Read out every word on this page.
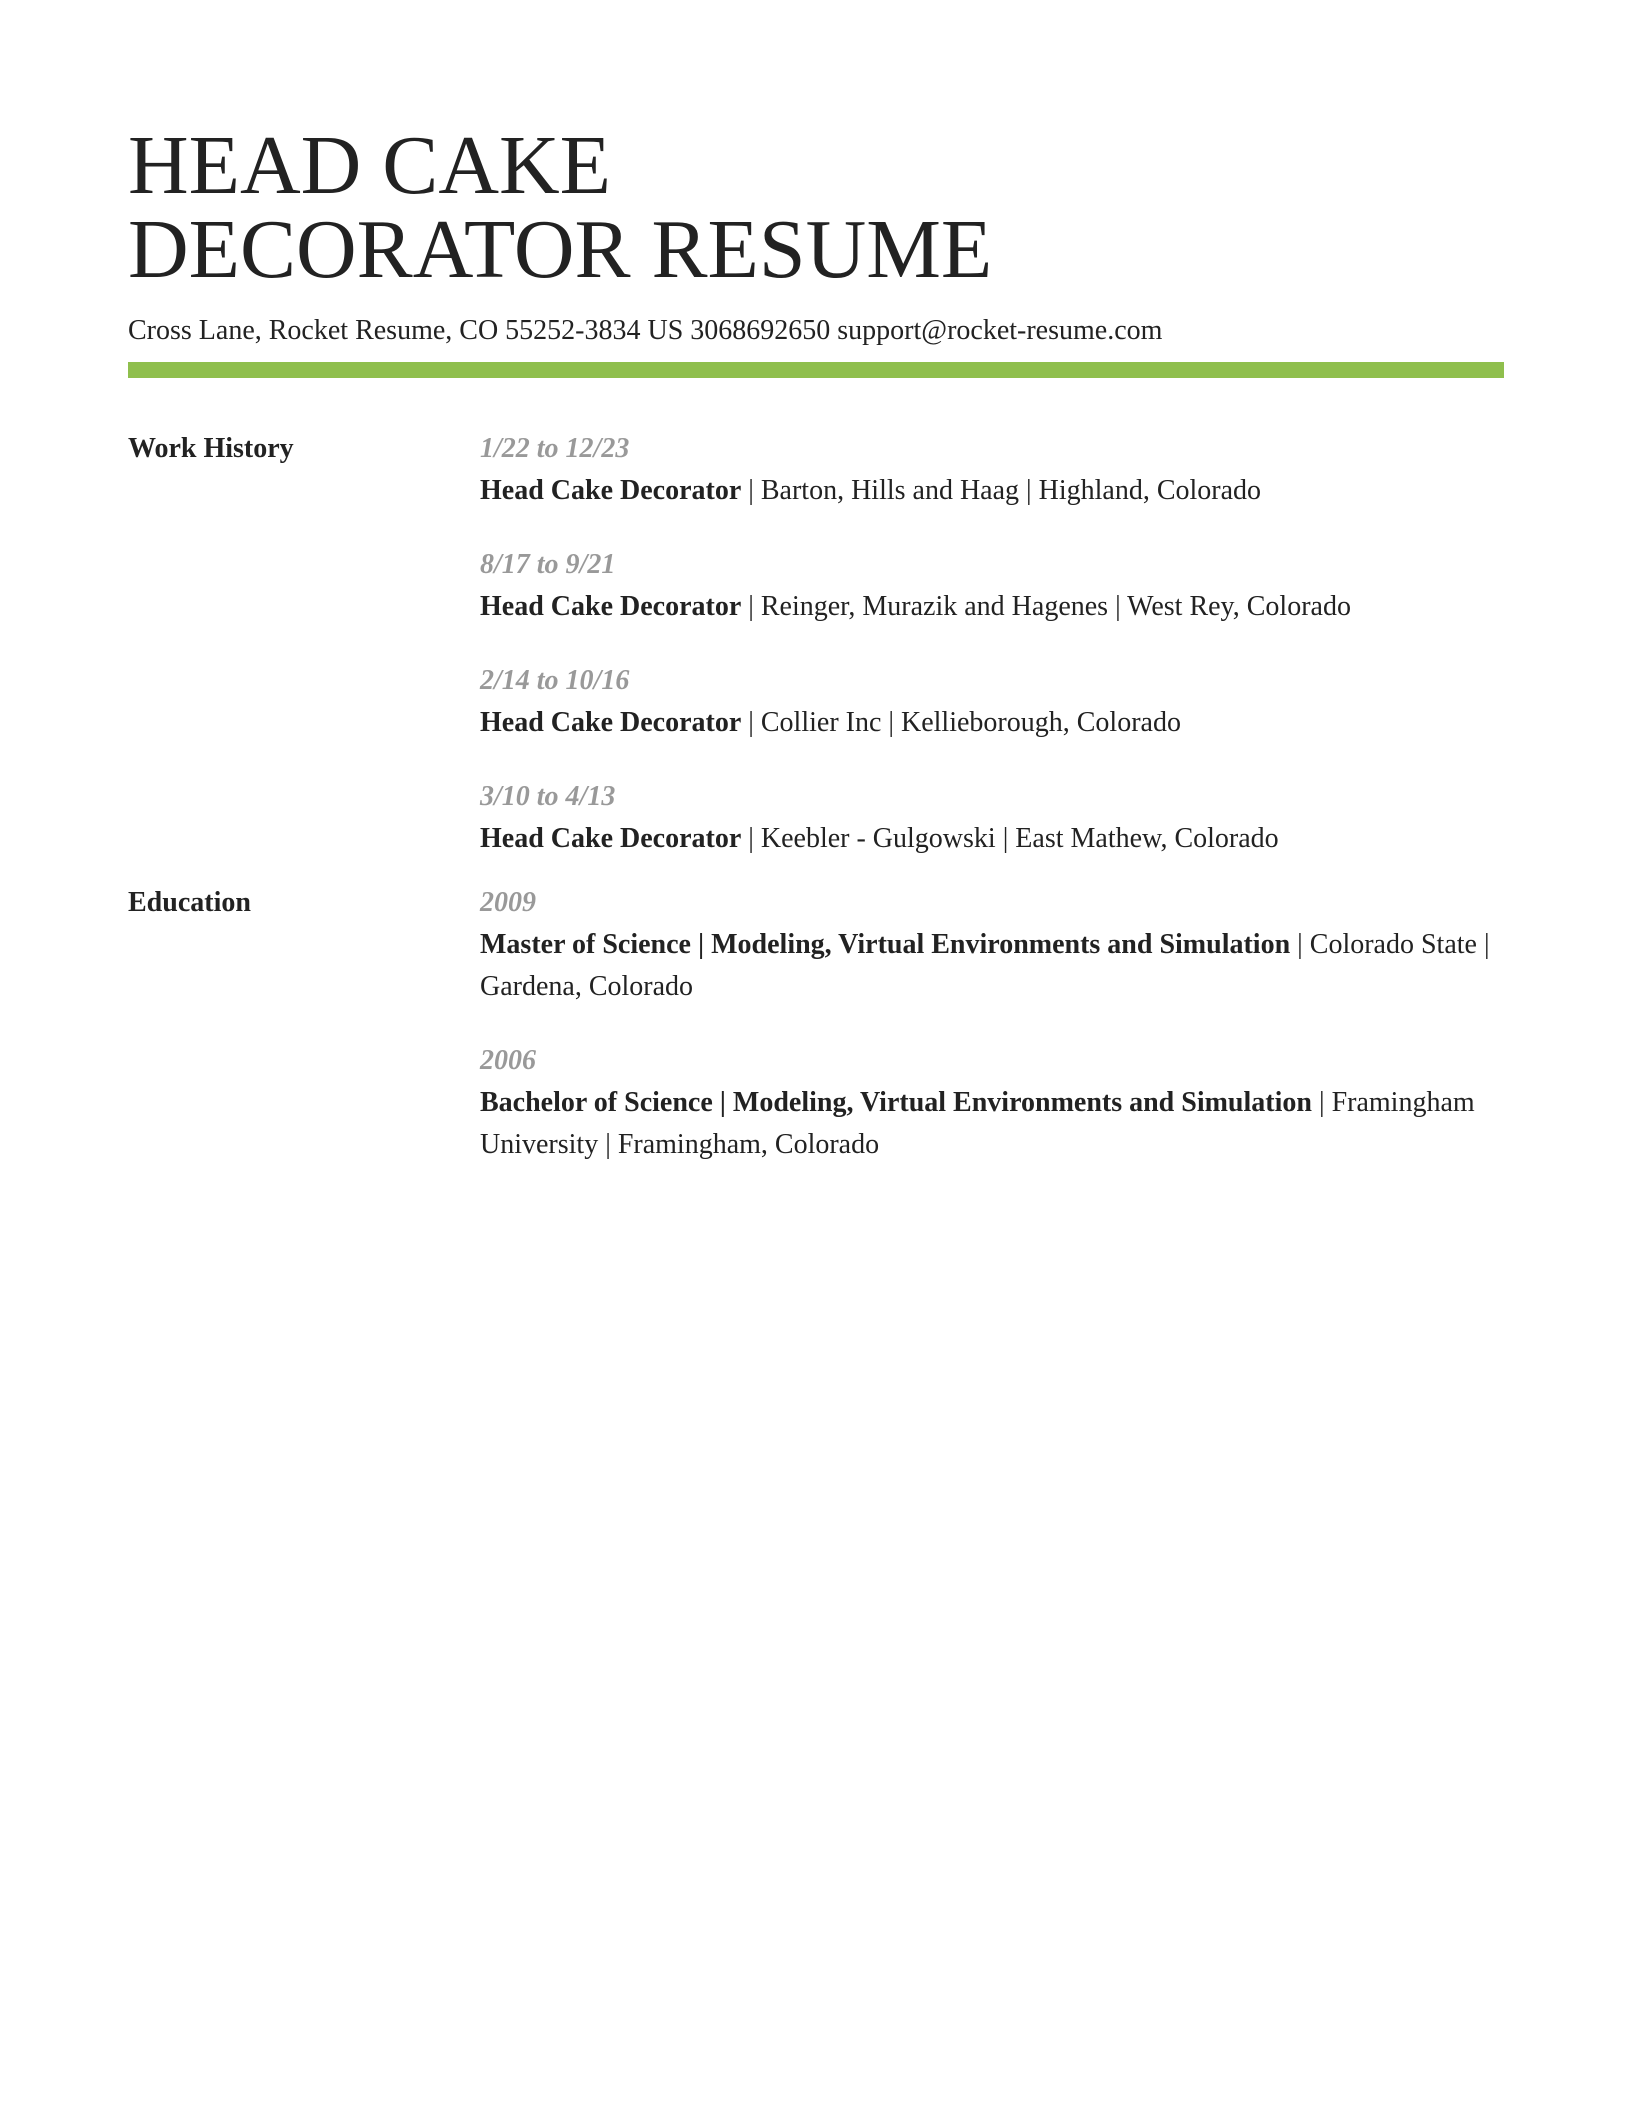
HEAD CAKE
DECORATOR RESUME
Cross Lane, Rocket Resume, CO 55252-3834 US 3068692650 support@rocket-resume.com
Work History	1/22 to 12/23
Head Cake Decorator | Barton, Hills and Haag | Highland, Colorado
8/17 to 9/21
Head Cake Decorator | Reinger, Murazik and Hagenes | West Rey, Colorado
2/14 to 10/16
Head Cake Decorator | Collier Inc | Kellieborough, Colorado
3/10 to 4/13
Head Cake Decorator | Keebler - Gulgowski | East Mathew, Colorado
Education	2009
Master of Science | Modeling, Virtual Environments and Simulation | Colorado State | Gardena, Colorado
2006
Bachelor of Science | Modeling, Virtual Environments and Simulation | Framingham University | Framingham, Colorado
